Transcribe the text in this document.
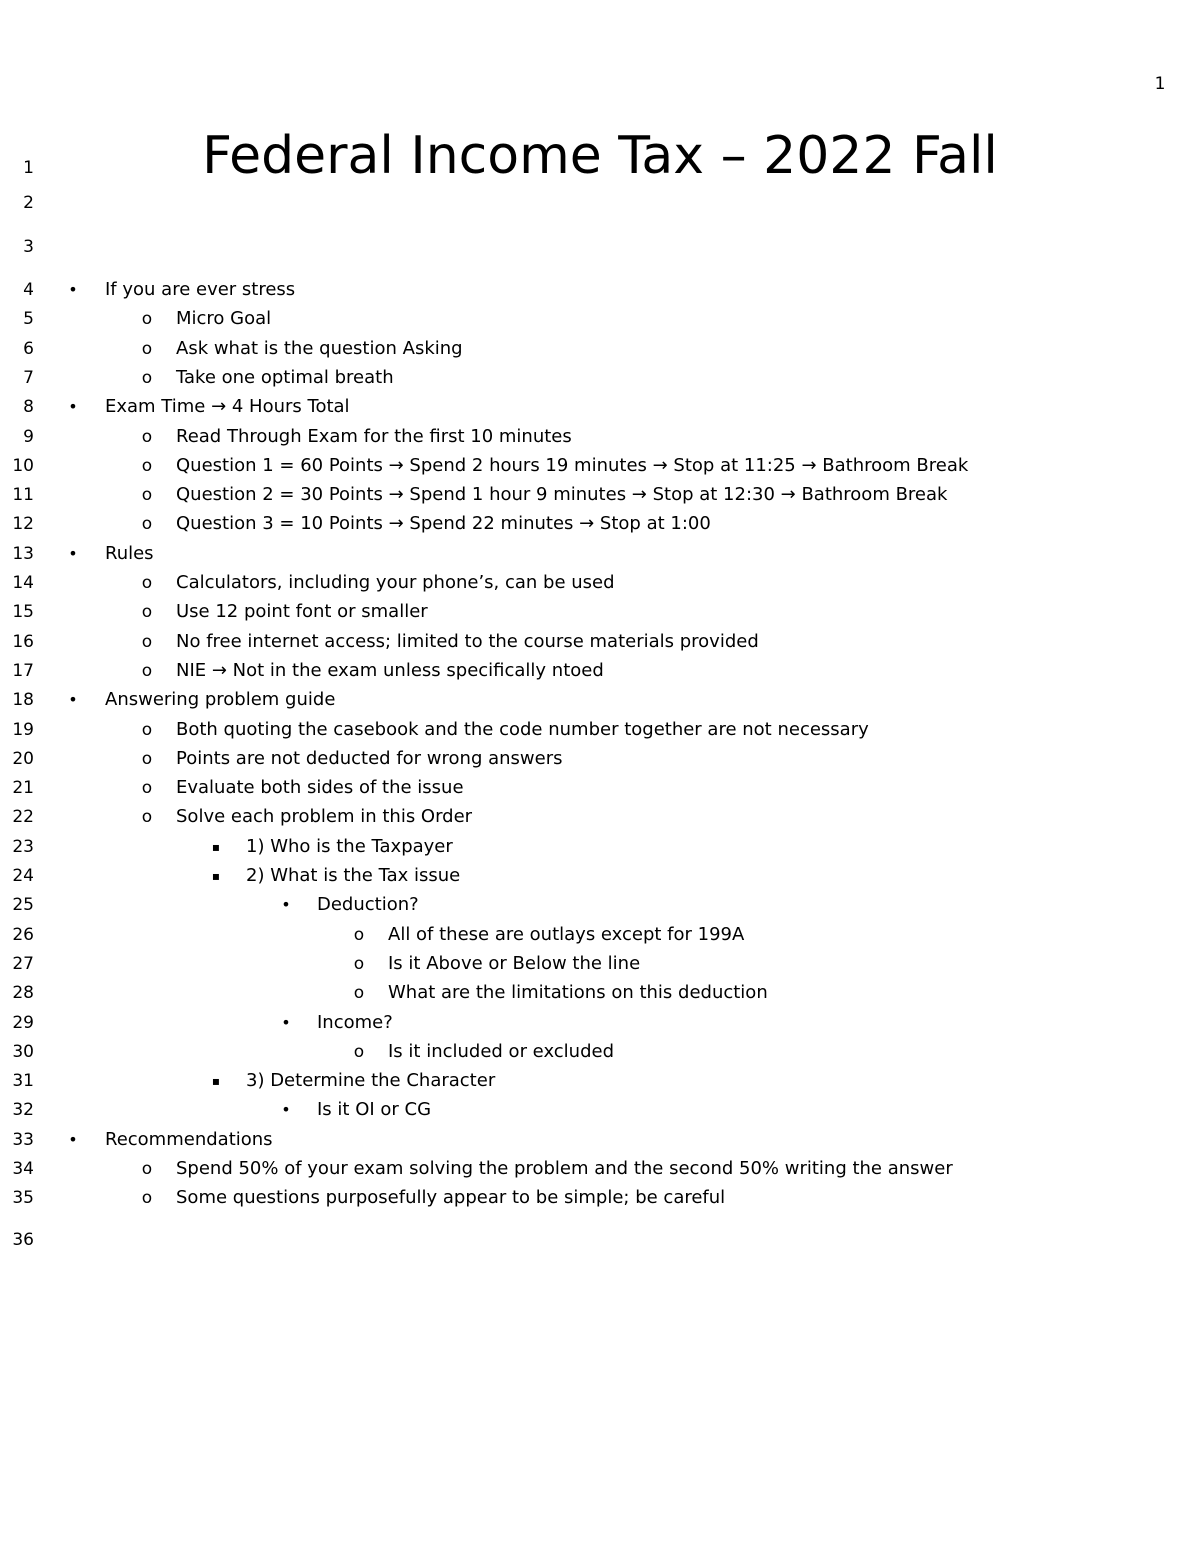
1
Federal Income Tax – 2022 Fall
1
2
3
4
5
6
7
8
9
10
11
12
13
14
15
16
17
18
19
20
21
22
23
24
25
26
27
28
29
30
31
32
33
34
35
36
• If you are ever stress
o Micro Goal
o Ask what is the question Asking
o Take one optimal breath
• Exam Time → 4 Hours Total
o Read Through Exam for the first 10 minutes
o Question 1 = 60 Points → Spend 2 hours 19 minutes → Stop at 11:25 → Bathroom Break
o Question 2 = 30 Points → Spend 1 hour 9 minutes → Stop at 12:30 → Bathroom Break
o Question 3 = 10 Points → Spend 22 minutes → Stop at 1:00
• Rules
o Calculators, including your phone’s, can be used
o Use 12 point font or smaller
o No free internet access; limited to the course materials provided
o NIE → Not in the exam unless specifically ntoed
• Answering problem guide
o Both quoting the casebook and the code number together are not necessary
o Points are not deducted for wrong answers
o Evaluate both sides of the issue
o Solve each problem in this Order
▪ 1) Who is the Taxpayer
▪ 2) What is the Tax issue
• Deduction?
o All of these are outlays except for 199A
o Is it Above or Below the line
o What are the limitations on this deduction
• Income?
o Is it included or excluded
▪ 3) Determine the Character
• Is it OI or CG
• Recommendations
o Spend 50% of your exam solving the problem and the second 50% writing the answer
o Some questions purposefully appear to be simple; be careful
